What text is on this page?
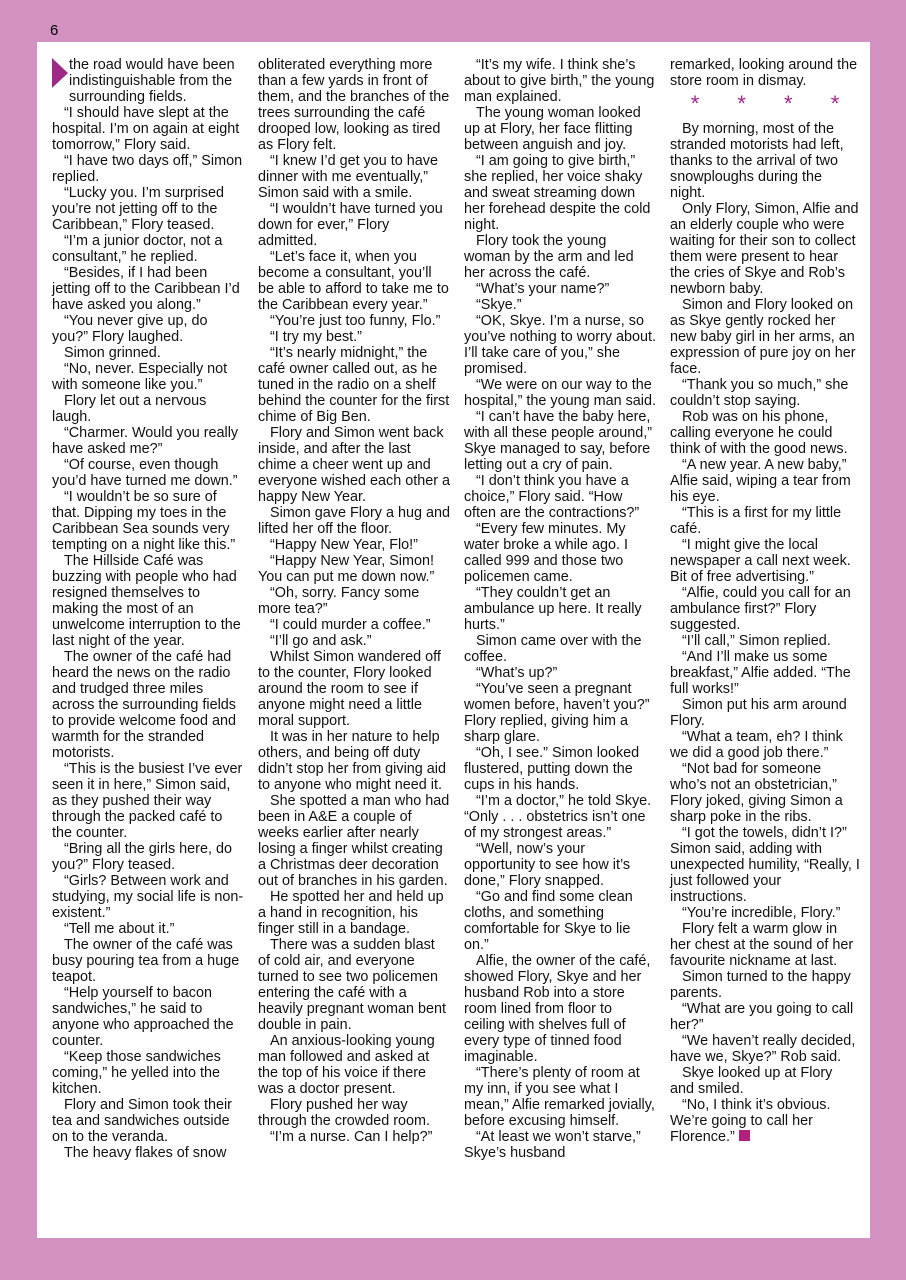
6

the road would have been indistinguishable from the surrounding fields.

“I should have slept at the hospital. I’m on again at eight tomorrow,” Flory said.

“I have two days off,” Simon replied.

“Lucky you. I’m surprised you’re not jetting off to the Caribbean,” Flory teased.

“I’m a junior doctor, not a consultant,” he replied.

“Besides, if I had been jetting off to the Caribbean I’d have asked you along.”

“You never give up, do you?” Flory laughed.

Simon grinned.

“No, never. Especially not with someone like you.”

Flory let out a nervous laugh.

“Charmer. Would you really have asked me?”

“Of course, even though you’d have turned me down.”

“I wouldn’t be so sure of that. Dipping my toes in the Caribbean Sea sounds very tempting on a night like this.”

The Hillside Café was buzzing with people who had resigned themselves to making the most of an unwelcome interruption to the last night of the year.

The owner of the café had heard the news on the radio and trudged three miles across the surrounding fields to provide welcome food and warmth for the stranded motorists.

“This is the busiest I’ve ever seen it in here,” Simon said, as they pushed their way through the packed café to the counter.

“Bring all the girls here, do you?” Flory teased.

“Girls? Between work and studying, my social life is non-existent.”

“Tell me about it.”

The owner of the café was busy pouring tea from a huge teapot.

“Help yourself to bacon sandwiches,” he said to anyone who approached the counter.

“Keep those sandwiches coming,” he yelled into the kitchen.

Flory and Simon took their tea and sandwiches outside on to the veranda.

The heavy flakes of snow

obliterated everything more than a few yards in front of them, and the branches of the trees surrounding the café drooped low, looking as tired as Flory felt.

“I knew I’d get you to have dinner with me eventually,” Simon said with a smile.

“I wouldn’t have turned you down for ever,” Flory admitted.

“Let’s face it, when you become a consultant, you’ll be able to afford to take me to the Caribbean every year.”

“You’re just too funny, Flo.”

“I try my best.”

“It’s nearly midnight,” the café owner called out, as he tuned in the radio on a shelf behind the counter for the first chime of Big Ben.

Flory and Simon went back inside, and after the last chime a cheer went up and everyone wished each other a happy New Year.

Simon gave Flory a hug and lifted her off the floor.

“Happy New Year, Flo!”

“Happy New Year, Simon! You can put me down now.”

“Oh, sorry. Fancy some more tea?”

“I could murder a coffee.”

“I’ll go and ask.”

Whilst Simon wandered off to the counter, Flory looked around the room to see if anyone might need a little moral support.

It was in her nature to help others, and being off duty didn’t stop her from giving aid to anyone who might need it.

She spotted a man who had been in A&E a couple of weeks earlier after nearly losing a finger whilst creating a Christmas deer decoration out of branches in his garden.

He spotted her and held up a hand in recognition, his finger still in a bandage.

There was a sudden blast of cold air, and everyone turned to see two policemen entering the café with a heavily pregnant woman bent double in pain.

An anxious-looking young man followed and asked at the top of his voice if there was a doctor present.

Flory pushed her way through the crowded room.

“I’m a nurse. Can I help?”

“It’s my wife. I think she’s about to give birth,” the young man explained.

The young woman looked up at Flory, her face flitting between anguish and joy.

“I am going to give birth,” she replied, her voice shaky and sweat streaming down her forehead despite the cold night.

Flory took the young woman by the arm and led her across the café.

“What’s your name?”

“Skye.”

“OK, Skye. I’m a nurse, so you’ve nothing to worry about. I’ll take care of you,” she promised.

“We were on our way to the hospital,” the young man said.

“I can’t have the baby here, with all these people around,” Skye managed to say, before letting out a cry of pain.

“I don’t think you have a choice,” Flory said. “How often are the contractions?”

“Every few minutes. My water broke a while ago. I called 999 and those two policemen came.

“They couldn’t get an ambulance up here. It really hurts.”

Simon came over with the coffee.

“What’s up?”

“You’ve seen a pregnant women before, haven’t you?” Flory replied, giving him a sharp glare.

“Oh, I see.” Simon looked flustered, putting down the cups in his hands.

“I’m a doctor,” he told Skye. “Only . . . obstetrics isn’t one of my strongest areas.”

“Well, now’s your opportunity to see how it’s done,” Flory snapped.

“Go and find some clean cloths, and something comfortable for Skye to lie on.”

Alfie, the owner of the café, showed Flory, Skye and her husband Rob into a store room lined from floor to ceiling with shelves full of every type of tinned food imaginable.

“There’s plenty of room at my inn, if you see what I mean,” Alfie remarked jovially, before excusing himself.

“At least we won’t starve,” Skye’s husband

remarked, looking around the store room in dismay.

* * * *

By morning, most of the stranded motorists had left, thanks to the arrival of two snowploughs during the night.

Only Flory, Simon, Alfie and an elderly couple who were waiting for their son to collect them were present to hear the cries of Skye and Rob’s newborn baby.

Simon and Flory looked on as Skye gently rocked her new baby girl in her arms, an expression of pure joy on her face.

“Thank you so much,” she couldn’t stop saying.

Rob was on his phone, calling everyone he could think of with the good news.

“A new year. A new baby,” Alfie said, wiping a tear from his eye.

“This is a first for my little café.

“I might give the local newspaper a call next week. Bit of free advertising.”

“Alfie, could you call for an ambulance first?” Flory suggested.

“I’ll call,” Simon replied.

“And I’ll make us some breakfast,” Alfie added. “The full works!”

Simon put his arm around Flory.

“What a team, eh? I think we did a good job there.”

“Not bad for someone who’s not an obstetrician,” Flory joked, giving Simon a sharp poke in the ribs.

“I got the towels, didn’t I?” Simon said, adding with unexpected humility, “Really, I just followed your instructions.

“You’re incredible, Flory.”

Flory felt a warm glow in her chest at the sound of her favourite nickname at last.

Simon turned to the happy parents.

“What are you going to call her?”

“We haven’t really decided, have we, Skye?” Rob said.

Skye looked up at Flory and smiled.

“No, I think it’s obvious. We’re going to call her Florence.”
